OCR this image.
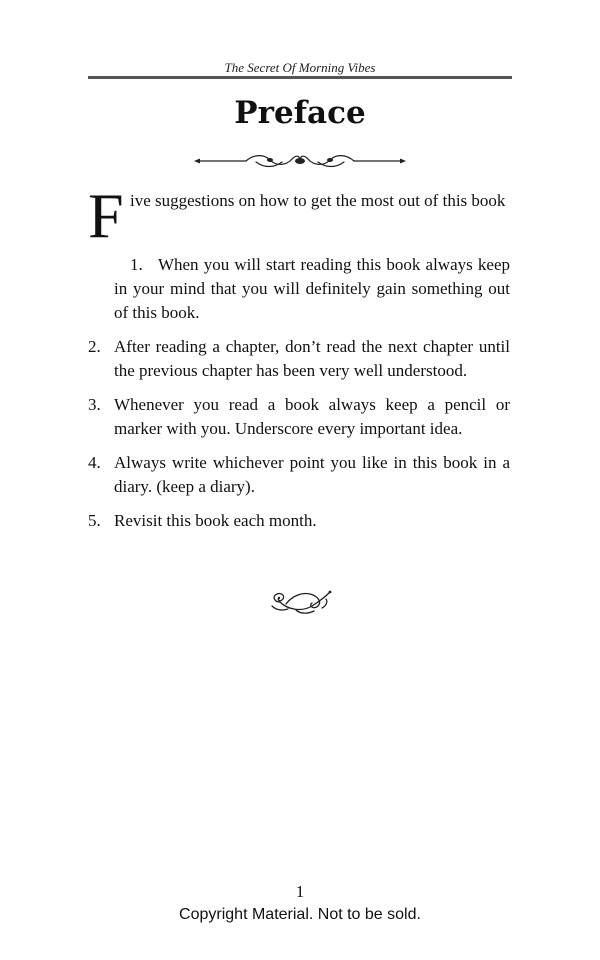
The Secret Of Morning Vibes
Preface

F ive suggestions on how to get the most out of this book

1. When you will start reading this book always keep in your mind that you will definitely gain something out of this book.

2. After reading a chapter, don’t read the next chapter until the previous chapter has been very well understood.
3. Whenever you read a book always keep a pencil or marker with you. Underscore every important idea.
4. Always write whichever point you like in this book in a diary. (keep a diary).
5. Revisit this book each month.
1
Copyright Material. Not to be sold.
